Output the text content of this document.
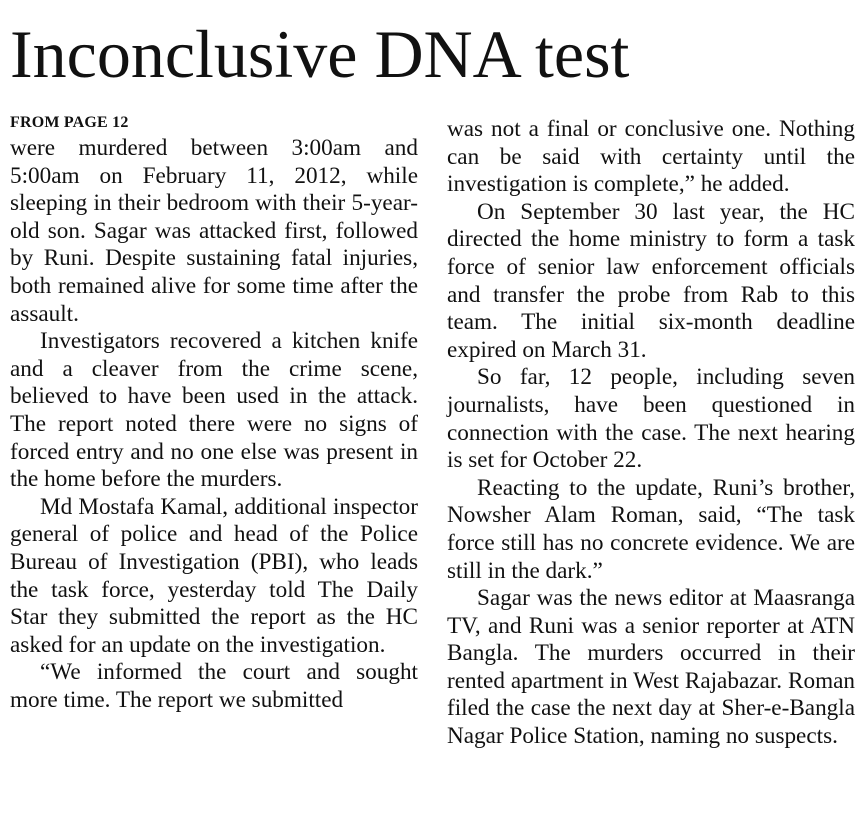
Inconclusive DNA test
FROM PAGE 12

were murdered between 3:00am and 5:00am on February 11, 2012, while sleeping in their bedroom with their 5-year-old son. Sagar was attacked first, followed by Runi. Despite sustaining fatal injuries, both remained alive for some time after the assault.

Investigators recovered a kitchen knife and a cleaver from the crime scene, believed to have been used in the attack. The report noted there were no signs of forced entry and no one else was present in the home before the murders.

Md Mostafa Kamal, additional inspector general of police and head of the Police Bureau of Investigation (PBI), who leads the task force, yesterday told The Daily Star they submitted the report as the HC asked for an update on the investigation.

“We informed the court and sought more time. The report we submitted

was not a final or conclusive one. Nothing can be said with certainty until the investigation is complete,” he added.

On September 30 last year, the HC directed the home ministry to form a task force of senior law enforcement officials and transfer the probe from Rab to this team. The initial six-month deadline expired on March 31.

So far, 12 people, including seven journalists, have been questioned in connection with the case. The next hearing is set for October 22.

Reacting to the update, Runi’s brother, Nowsher Alam Roman, said, “The task force still has no concrete evidence. We are still in the dark.”

Sagar was the news editor at Maasranga TV, and Runi was a senior reporter at ATN Bangla. The murders occurred in their rented apartment in West Rajabazar. Roman filed the case the next day at Sher-e-Bangla Nagar Police Station, naming no suspects.
